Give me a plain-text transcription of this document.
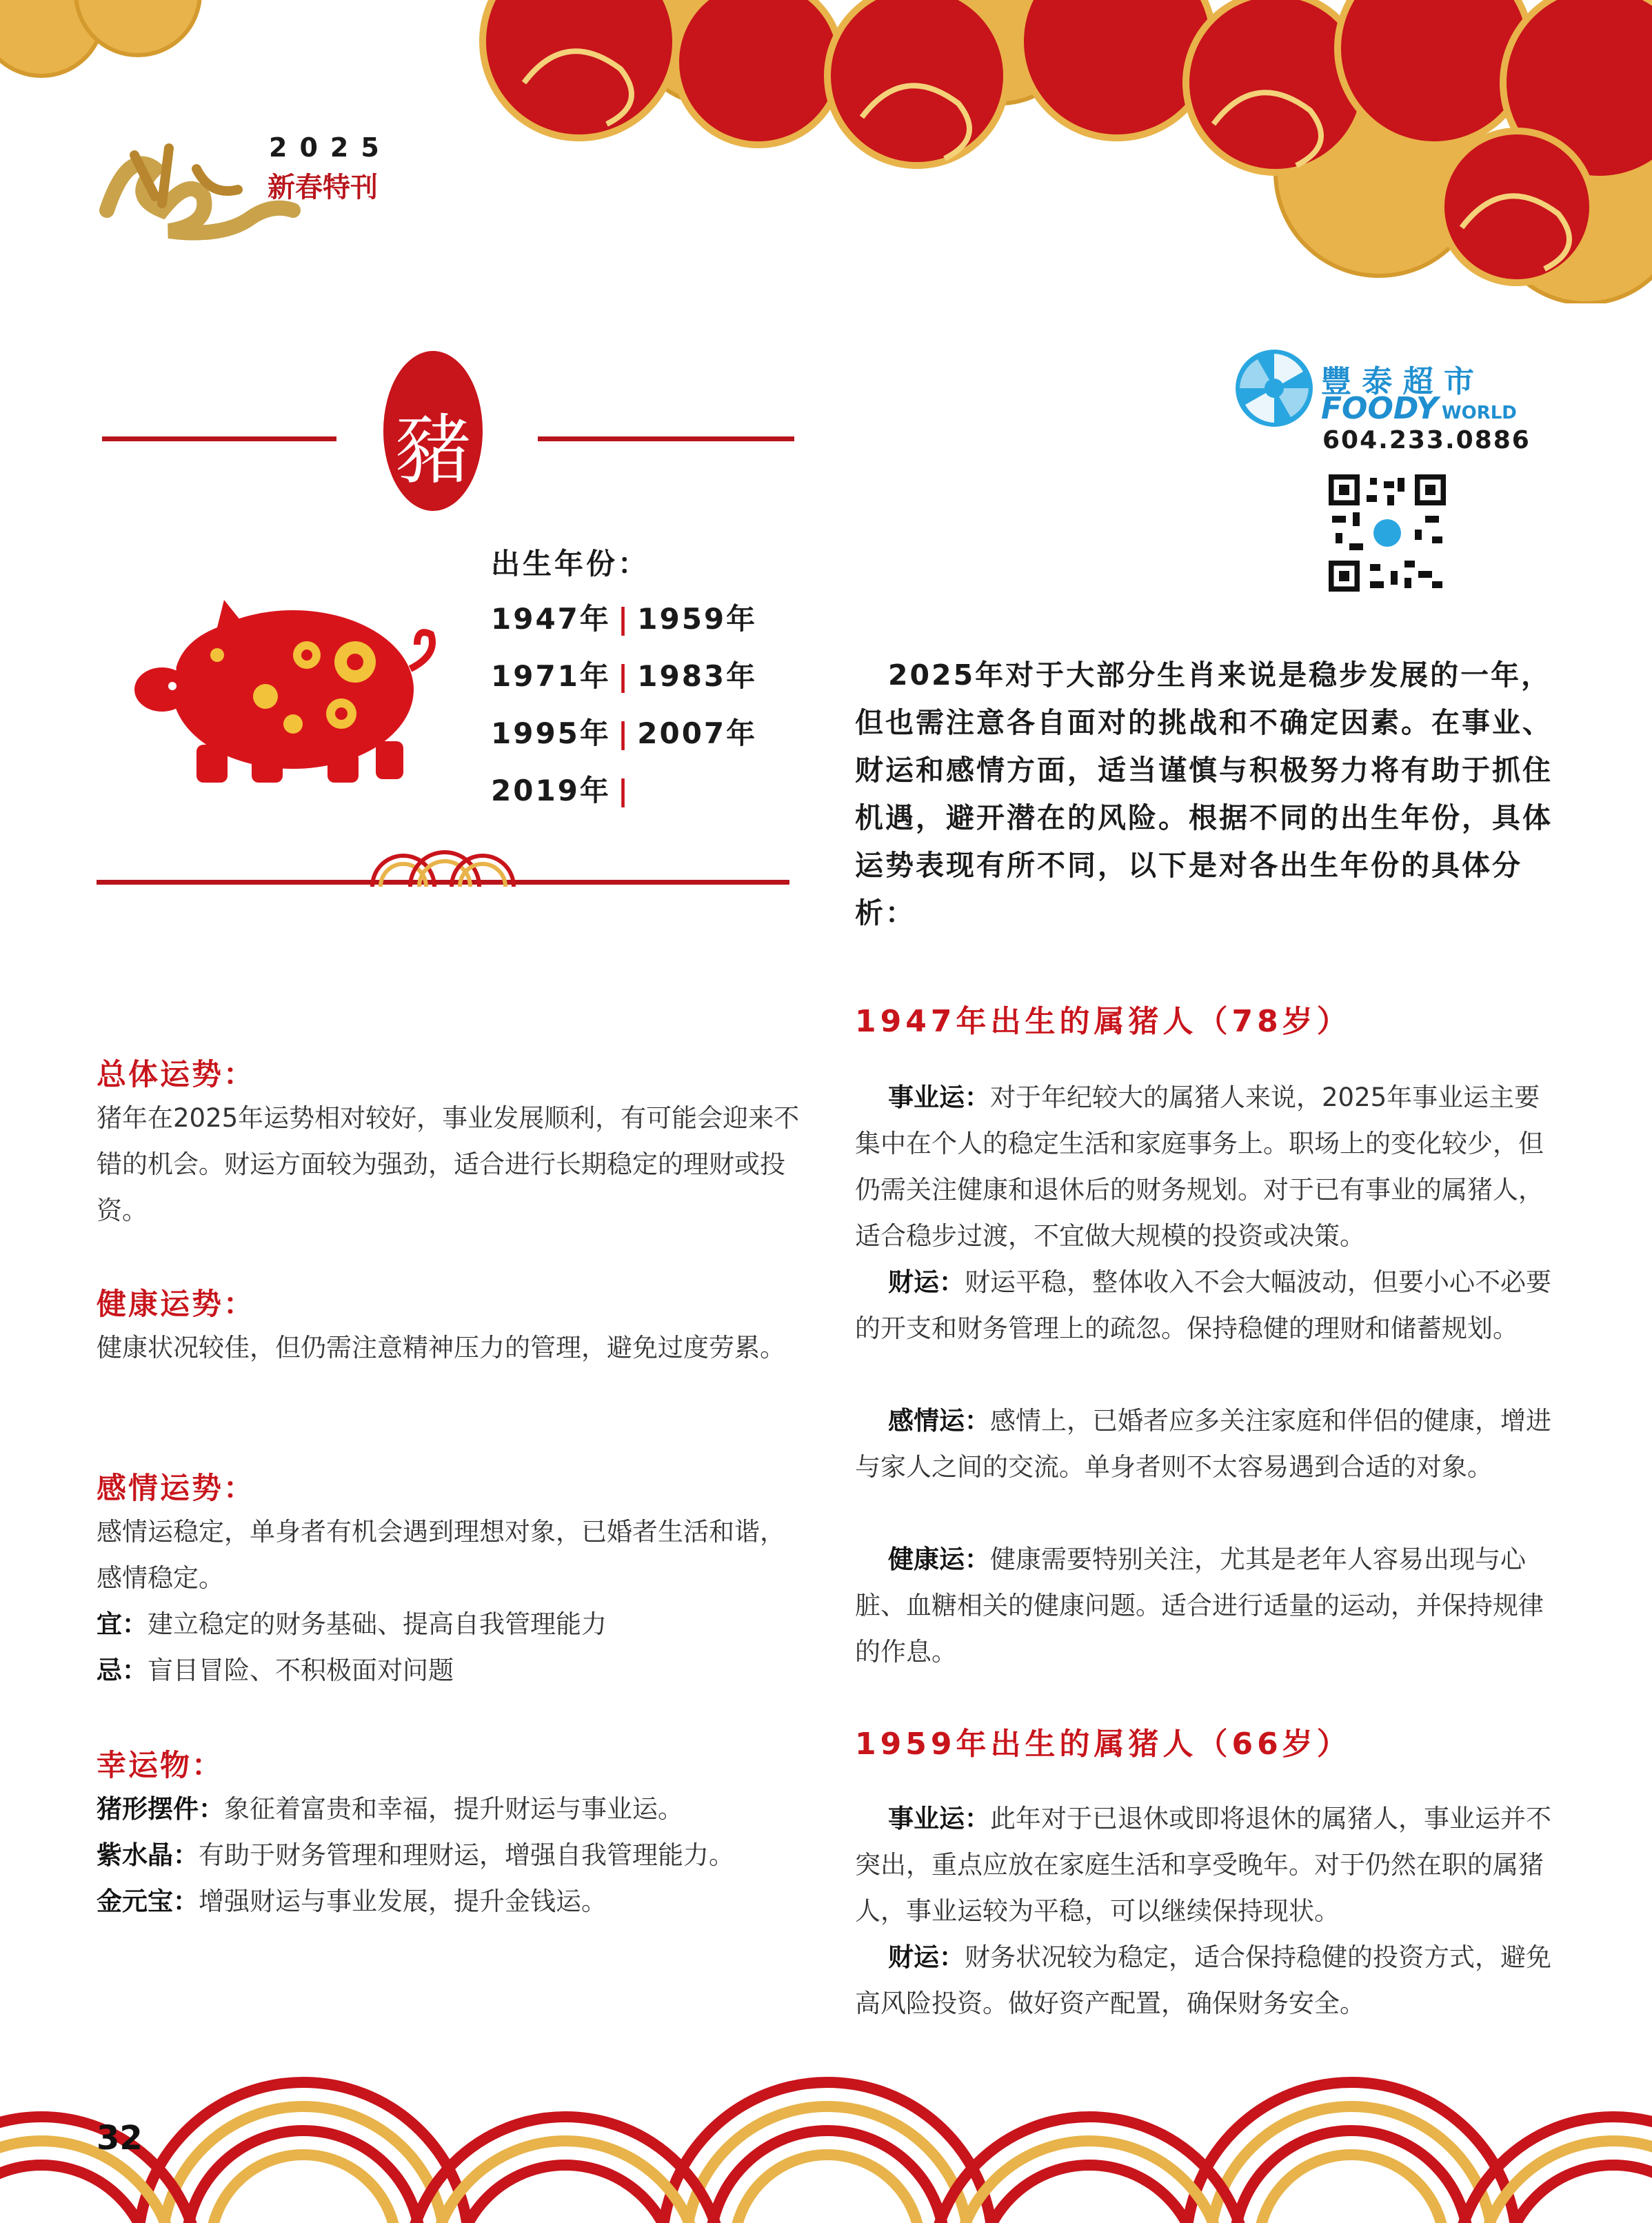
2025
新春特刊
豬
出生年份：
1947年 | 1959年
1971年 | 1983年
1995年 | 2007年
2019年 |
总体运势：
猪年在2025年运势相对较好，事业发展顺利，有可能会迎来不错的机会。财运方面较为强劲，适合进行长期稳定的理财或投资。
健康运势：
健康状况较佳，但仍需注意精神压力的管理，避免过度劳累。
感情运势：
感情运稳定，单身者有机会遇到理想对象，已婚者生活和谐，感情稳定。
宜：建立稳定的财务基础、提高自我管理能力
忌：盲目冒险、不积极面对问题
幸运物：
猪形摆件：象征着富贵和幸福，提升财运与事业运。
紫水晶：有助于财务管理和理财运，增强自我管理能力。
金元宝：增强财运与事业发展，提升金钱运。
豐 泰 超 市
FOODY WORLD
604.233.0886
2025年对于大部分生肖来说是稳步发展的一年，但也需注意各自面对的挑战和不确定因素。在事业、财运和感情方面，适当谨慎与积极努力将有助于抓住机遇，避开潜在的风险。根据不同的出生年份，具体运势表现有所不同，以下是对各出生年份的具体分析：
1947年出生的属猪人（78岁）
事业运：对于年纪较大的属猪人来说，2025年事业运主要集中在个人的稳定生活和家庭事务上。职场上的变化较少，但仍需关注健康和退休后的财务规划。对于已有事业的属猪人，适合稳步过渡，不宜做大规模的投资或决策。
财运：财运平稳，整体收入不会大幅波动，但要小心不必要的开支和财务管理上的疏忽。保持稳健的理财和储蓄规划。
感情运：感情上，已婚者应多关注家庭和伴侣的健康，增进与家人之间的交流。单身者则不太容易遇到合适的对象。
健康运：健康需要特别关注，尤其是老年人容易出现与心脏、血糖相关的健康问题。适合进行适量的运动，并保持规律的作息。
1959年出生的属猪人（66岁）
事业运：此年对于已退休或即将退休的属猪人，事业运并不突出，重点应放在家庭生活和享受晚年。对于仍然在职的属猪人，事业运较为平稳，可以继续保持现状。
财运：财务状况较为稳定，适合保持稳健的投资方式，避免高风险投资。做好资产配置，确保财务安全。
32
